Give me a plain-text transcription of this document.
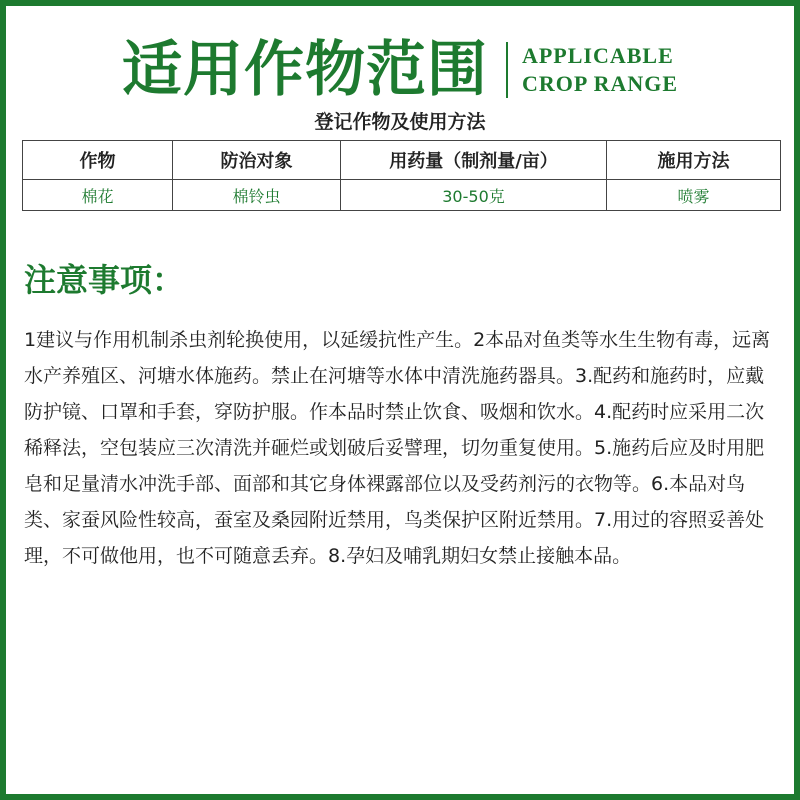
适用作物范围 APPLICABLE
CROP RANGE
登记作物及使用方法
作物	防治对象	用药量（制剂量/亩）	施用方法
棉花	棉铃虫	30-50克	喷雾
注意事项：
1建议与作用机制杀虫剂轮换使用，以延缓抗性产生。2本品对鱼类等水生生物有毒，远离水产养殖区、河塘水体施药。禁止在河塘等水体中清洗施药器具。3.配药和施药时，应戴防护镜、口罩和手套，穿防护服。作本品时禁止饮食、吸烟和饮水。4.配药时应采用二次稀释法，空包装应三次清洗并砸烂或划破后妥譬理，切勿重复使用。5.施药后应及时用肥皂和足量清水冲洗手部、面部和其它身体裸露部位以及受药剂污的衣物等。6.本品对鸟类、家蚕风险性较高，蚕室及桑园附近禁用，鸟类保护区附近禁用。7.用过的容照妥善处理，不可做他用，也不可随意丢弃。8.孕妇及哺乳期妇女禁止接触本品。
